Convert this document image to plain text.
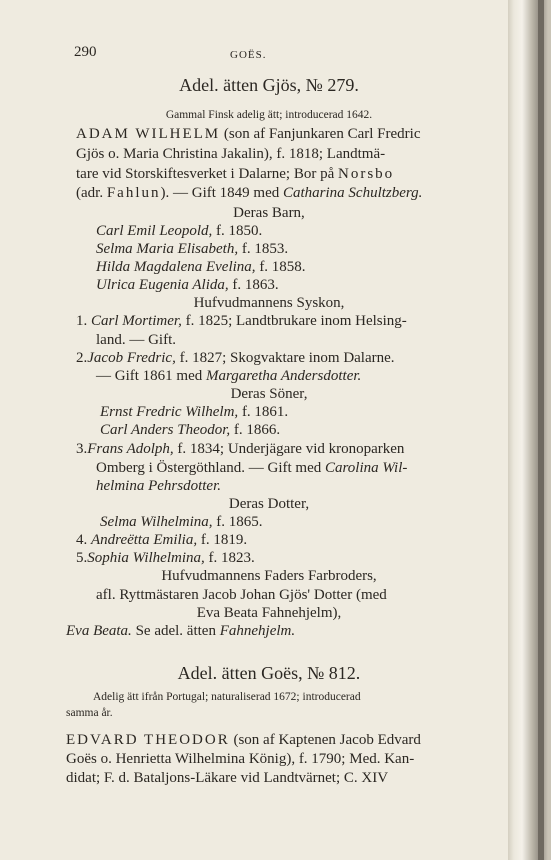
290	GOËS.
Adel. ätten Gjös, № 279.
Gammal Finsk adelig ätt; introducerad 1642.
ADAM WILHELM (son af Fanjunkaren Carl Fredric
Gjös o. Maria Christina Jakalin), f. 1818; Landtmä-
tare vid Storskiftesverket i Dalarne; Bor på Norsbo
(adr. Fahlun). — Gift 1849 med Catharina Schultzberg.
Deras Barn,
Carl Emil Leopold, f. 1850.
Selma Maria Elisabeth, f. 1853.
Hilda Magdalena Evelina, f. 1858.
Ulrica Eugenia Alida, f. 1863.
Hufvudmannens Syskon,
1. Carl Mortimer, f. 1825; Landtbrukare inom Helsing-
land. — Gift.
2.Jacob Fredric, f. 1827; Skogvaktare inom Dalarne.
— Gift 1861 med Margaretha Andersdotter.
Deras Söner,
Ernst Fredric Wilhelm, f. 1861.
Carl Anders Theodor, f. 1866.
3.Frans Adolph, f. 1834; Underjägare vid kronoparken
Omberg i Östergöthland. — Gift med Carolina Wil-
helmina Pehrsdotter.
Deras Dotter,
Selma Wilhelmina, f. 1865.
4. Andreëtta Emilia, f. 1819.
5.Sophia Wilhelmina, f. 1823.
Hufvudmannens Faders Farbroders,
afl. Ryttmästaren Jacob Johan Gjös' Dotter (med
Eva Beata Fahnehjelm),
Eva Beata. Se adel. ätten Fahnehjelm.
Adel. ätten Goës, № 812.
Adelig ätt ifrån Portugal; naturaliserad 1672; introducerad
samma år.
EDVARD THEODOR (son af Kaptenen Jacob Edvard
Goës o. Henrietta Wilhelmina König), f. 1790; Med. Kan-
didat; F. d. Bataljons-Läkare vid Landtvärnet; C. XIV
